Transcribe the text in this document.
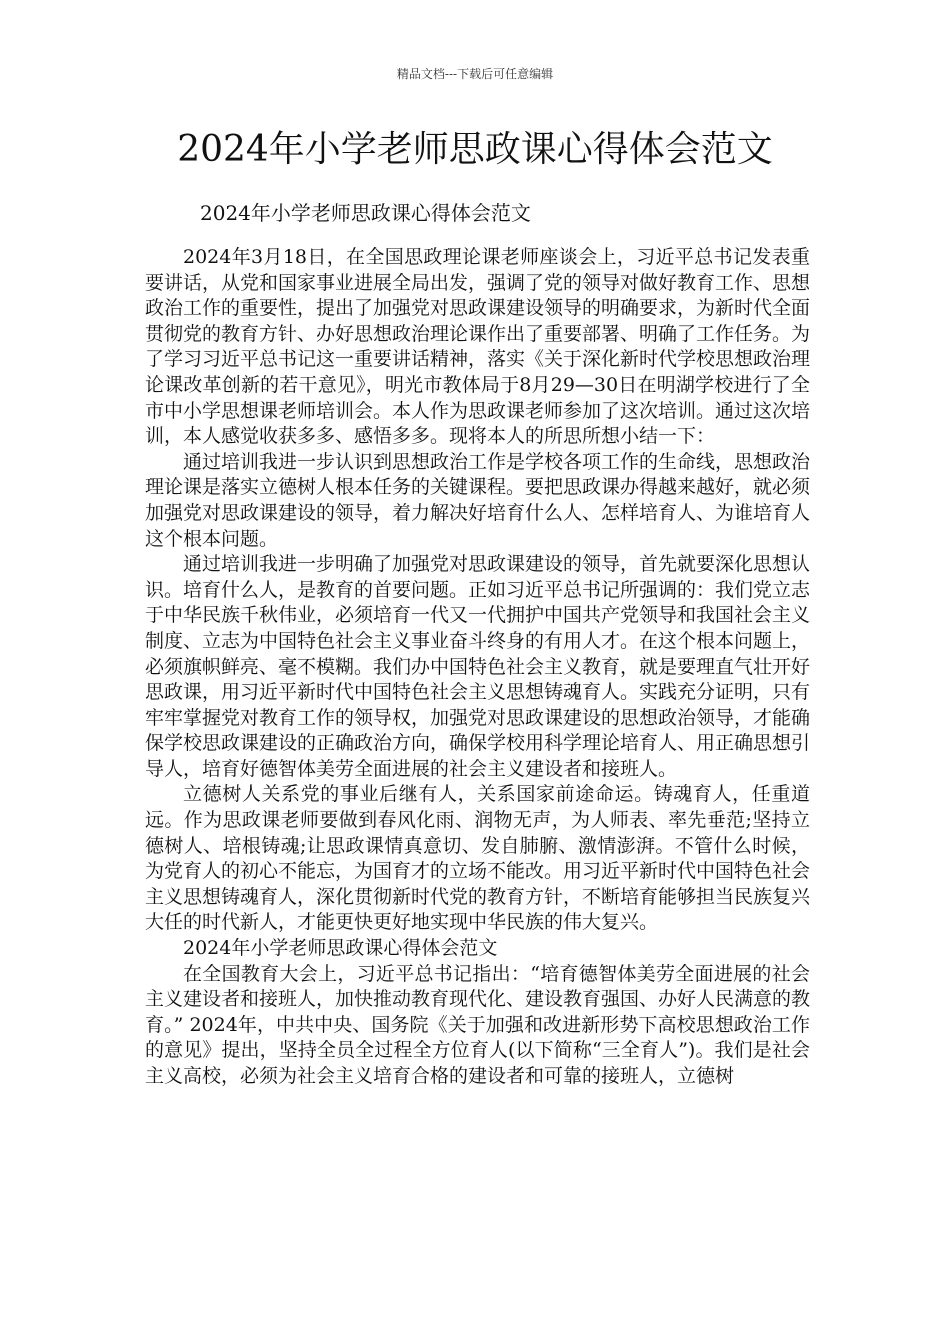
精品文档---下载后可任意编辑
2024年小学老师思政课心得体会范文
2024年小学老师思政课心得体会范文

2024年3月18日，在全国思政理论课老师座谈会上，习近平总书记发表重要讲话，从党和国家事业进展全局出发，强调了党的领导对做好教育工作、思想政治工作的重要性，提出了加强党对思政课建设领导的明确要求，为新时代全面贯彻党的教育方针、办好思想政治理论课作出了重要部署、明确了工作任务。为了学习习近平总书记这一重要讲话精神，落实《关于深化新时代学校思想政治理论课改革创新的若干意见》，明光市教体局于8月29—30日在明湖学校进行了全市中小学思想课老师培训会。本人作为思政课老师参加了这次培训。通过这次培训，本人感觉收获多多、感悟多多。现将本人的所思所想小结一下：

通过培训我进一步认识到思想政治工作是学校各项工作的生命线，思想政治理论课是落实立德树人根本任务的关键课程。要把思政课办得越来越好，就必须加强党对思政课建设的领导，着力解决好培育什么人、怎样培育人、为谁培育人这个根本问题。

通过培训我进一步明确了加强党对思政课建设的领导，首先就要深化思想认识。培育什么人，是教育的首要问题。正如习近平总书记所强调的：我们党立志于中华民族千秋伟业，必须培育一代又一代拥护中国共产党领导和我国社会主义制度、立志为中国特色社会主义事业奋斗终身的有用人才。在这个根本问题上，必须旗帜鲜亮、毫不模糊。我们办中国特色社会主义教育，就是要理直气壮开好思政课，用习近平新时代中国特色社会主义思想铸魂育人。实践充分证明，只有牢牢掌握党对教育工作的领导权，加强党对思政课建设的思想政治领导，才能确保学校思政课建设的正确政治方向，确保学校用科学理论培育人、用正确思想引导人，培育好德智体美劳全面进展的社会主义建设者和接班人。

立德树人关系党的事业后继有人，关系国家前途命运。铸魂育人，任重道远。作为思政课老师要做到春风化雨、润物无声，为人师表、率先垂范;坚持立德树人、培根铸魂;让思政课情真意切、发自肺腑、激情澎湃。不管什么时候，为党育人的初心不能忘，为国育才的立场不能改。用习近平新时代中国特色社会主义思想铸魂育人，深化贯彻新时代党的教育方针，不断培育能够担当民族复兴大任的时代新人，才能更快更好地实现中华民族的伟大复兴。

2024年小学老师思政课心得体会范文

在全国教育大会上，习近平总书记指出：“培育德智体美劳全面进展的社会主义建设者和接班人，加快推动教育现代化、建设教育强国、办好人民满意的教育。” 2024年，中共中央、国务院《关于加强和改进新形势下高校思想政治工作的意见》提出，坚持全员全过程全方位育人(以下简称“三全育人”)。我们是社会主义高校，必须为社会主义培育合格的建设者和可靠的接班人，立德树
